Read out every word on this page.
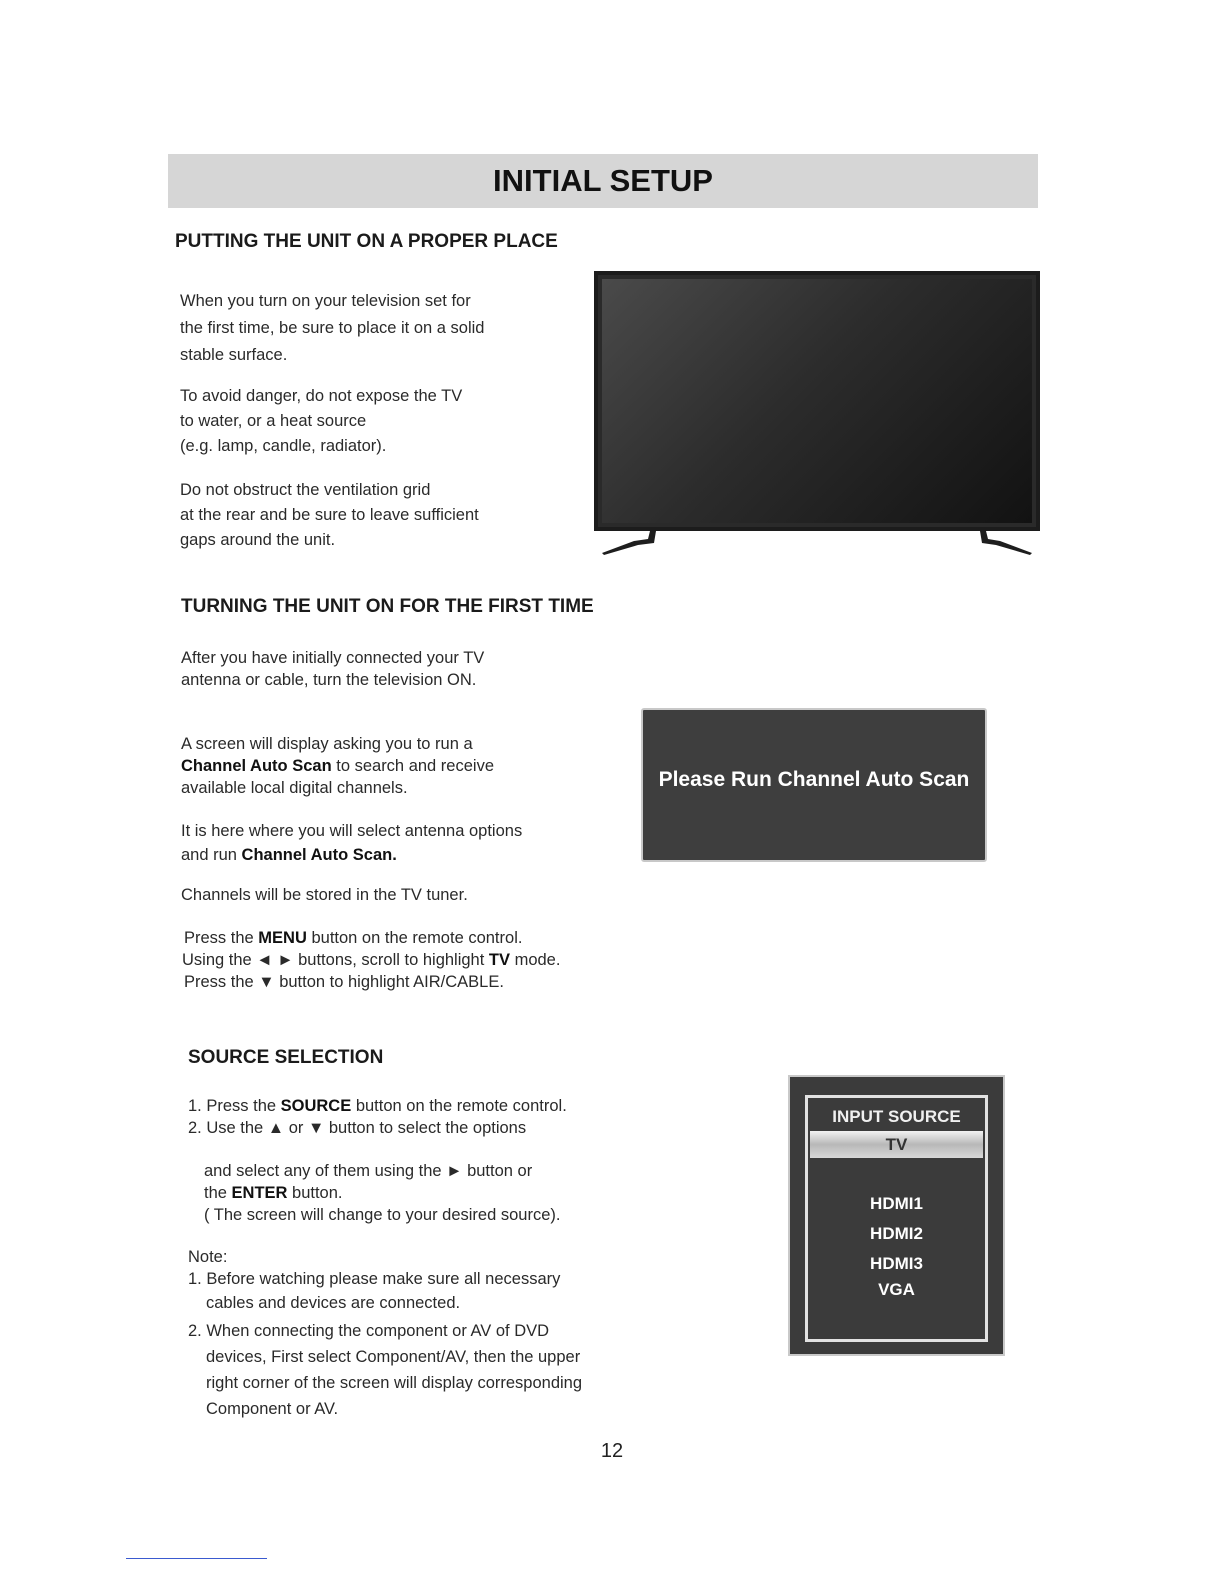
INITIAL SETUP
PUTTING THE UNIT ON A PROPER PLACE
When you turn on your television set for
the first time, be sure to place it on a solid
stable surface.
To avoid danger, do not expose the TV
to water, or a heat source
(e.g. lamp, candle, radiator).
Do not obstruct the ventilation grid
at the rear and be sure to leave sufficient
gaps around the unit.
TURNING THE UNIT ON FOR THE FIRST TIME
After you have initially connected your TV
antenna or cable, turn the television ON.
A screen will display asking you to run a
Channel Auto Scan to search and receive
available local digital channels.
It is here where you will select antenna options
and run Channel Auto Scan.
Channels will be stored in the TV tuner.
Press the MENU button on the remote control.
Using the ◄ ► buttons, scroll to highlight TV mode.
Press the ▼ button to highlight AIR/CABLE.
Please Run Channel Auto Scan
SOURCE SELECTION
1. Press the SOURCE button on the remote control.
2. Use the ▲ or ▼ button to select the options
and select any of them using the ► button or
the ENTER button.
( The screen will change to your desired source).
Note:
1. Before watching please make sure all necessary
cables and devices are connected.
2. When connecting the component or AV of DVD
devices, First select Component/AV, then the upper
right corner of the screen will display corresponding
Component or AV.
INPUT SOURCE
TV
HDMI1
HDMI2
HDMI3
VGA
12
